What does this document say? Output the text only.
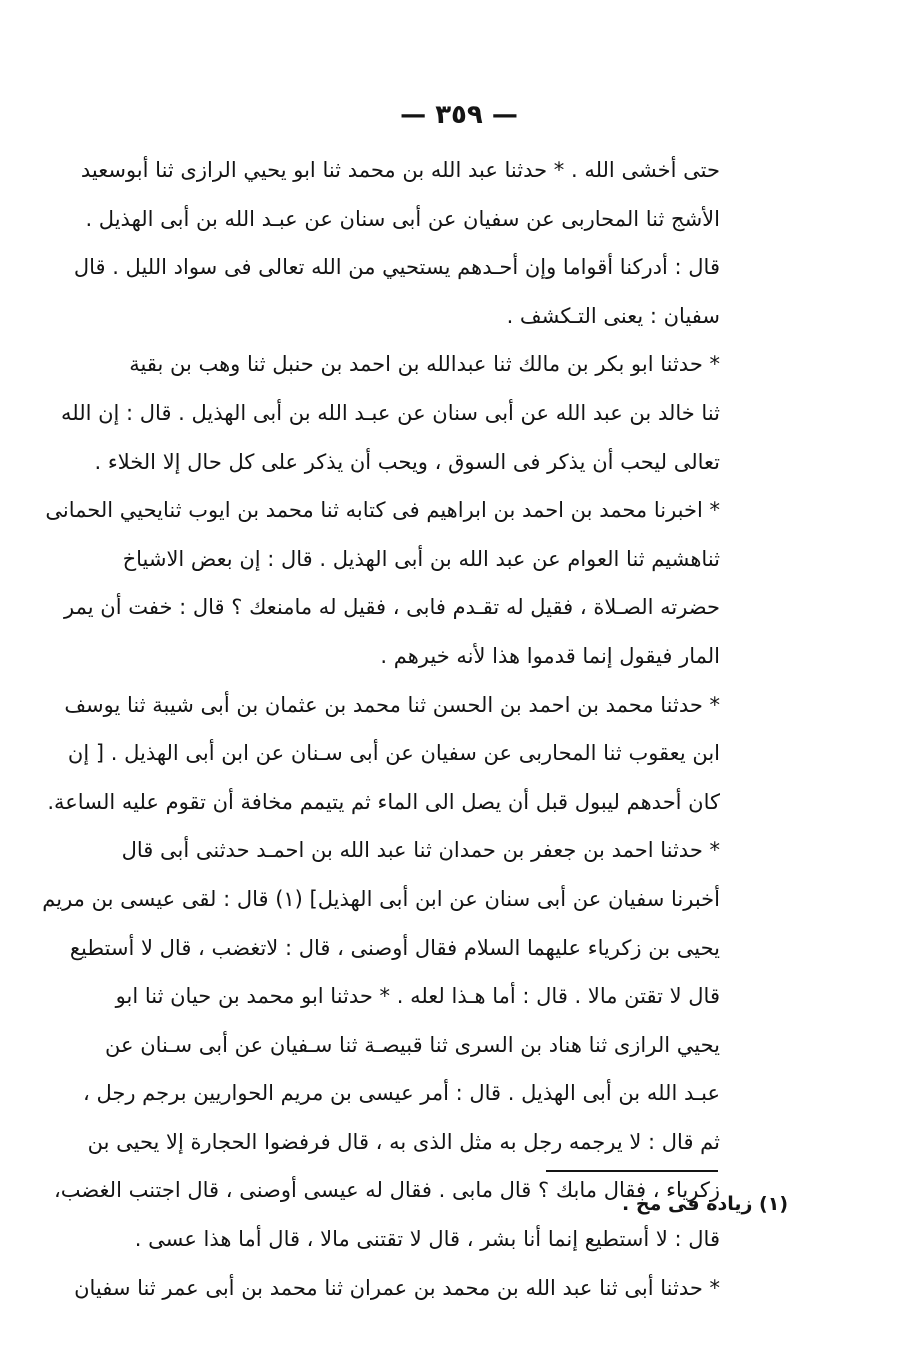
— ٣٥٩ —
حتى أخشى الله . * حدثنا عبد الله بن محمد ثنا ابو يحيي الرازى ثنا أبوسعيد
الأشج ثنا المحاربى عن سفيان عن أبى سنان عن عبـد الله بن أبى الهذيل .
قال : أدركنا أقواما وإن أحـدهم يستحيي من الله تعالى فى سواد الليل . قال
سفيان : يعنى التـكشف .
* حدثنا ابو بكر بن مالك ثنا عبدالله بن احمد بن حنبل ثنا وهب بن بقية
ثنا خالد بن عبد الله عن أبى سنان عن عبـد الله بن أبى الهذيل . قال : إن الله
تعالى ليحب أن يذكر فى السوق ، ويحب أن يذكر على كل حال إلا الخلاء .
* اخبرنا محمد بن احمد بن ابراهيم فى كتابه ثنا محمد بن ايوب ثنايحيي الحمانى
ثناهشيم ثنا العوام عن عبد الله بن أبى الهذيل . قال : إن بعض الاشياخ
حضرته الصـلاة ، فقيل له تقـدم فابى ، فقيل له مامنعك ؟ قال : خفت أن يمر
المار فيقول إنما قدموا هذا لأنه خيرهم .
* حدثنا محمد بن احمد بن الحسن ثنا محمد بن عثمان بن أبى شيبة ثنا يوسف
ابن يعقوب ثنا المحاربى عن سفيان عن أبى سـنان عن ابن أبى الهذيل . [ إن
كان أحدهم ليبول قبل أن يصل الى الماء ثم يتيمم مخافة أن تقوم عليه الساعة.
* حدثنا احمد بن جعفر بن حمدان ثنا عبد الله بن احمـد حدثنى أبى قال
أخبرنا سفيان عن أبى سنان عن ابن أبى الهذيل] (١) قال : لقى عيسى بن مريم
يحيى بن زكرياء عليهما السلام فقال أوصنى ، قال : لاتغضب ، قال لا أستطيع
قال لا تقتن مالا . قال : أما هـذا لعله . * حدثنا ابو محمد بن حيان ثنا ابو
يحيي الرازى ثنا هناد بن السرى ثنا قبيصـة ثنا سـفيان عن أبى سـنان عن
عبـد الله بن أبى الهذيل . قال : أمر عيسى بن مريم الحواريين برجم رجل ،
ثم قال : لا يرجمه رجل به مثل الذى به ، قال فرفضوا الحجارة إلا يحيى بن
زكرياء ، فقال مابك ؟ قال مابى . فقال له عيسى أوصنى ، قال اجتنب الغضب،
قال : لا أستطيع إنما أنا بشر ، قال لا تقتنى مالا ، قال أما هذا عسى .
* حدثنا أبى ثنا عبد الله بن محمد بن عمران ثنا محمد بن أبى عمر ثنا سفيان
(١) زيادة فى مخ .
